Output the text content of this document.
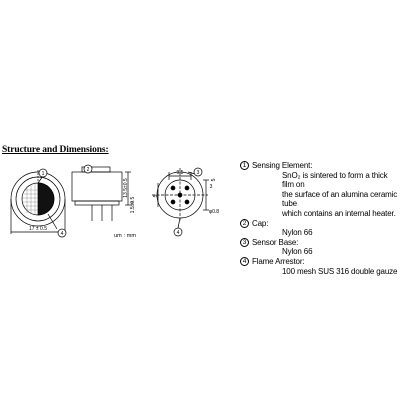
Structure and Dimensions:
1
4
2	3
4
17 ± 0.5
1.5±0.5
13.5±0.5
9.5
3
5
5
φ0.8
um : mm
1 Sensing Element:
SnO₂ is sintered to form a thick film on
the surface of an alumina ceramic tube
which contains an internal heater.
2 Cap:
Nylon 66
3 Sensor Base:
Nylon 66
4 Flame Arrestor:
100 mesh SUS 316 double gauze
